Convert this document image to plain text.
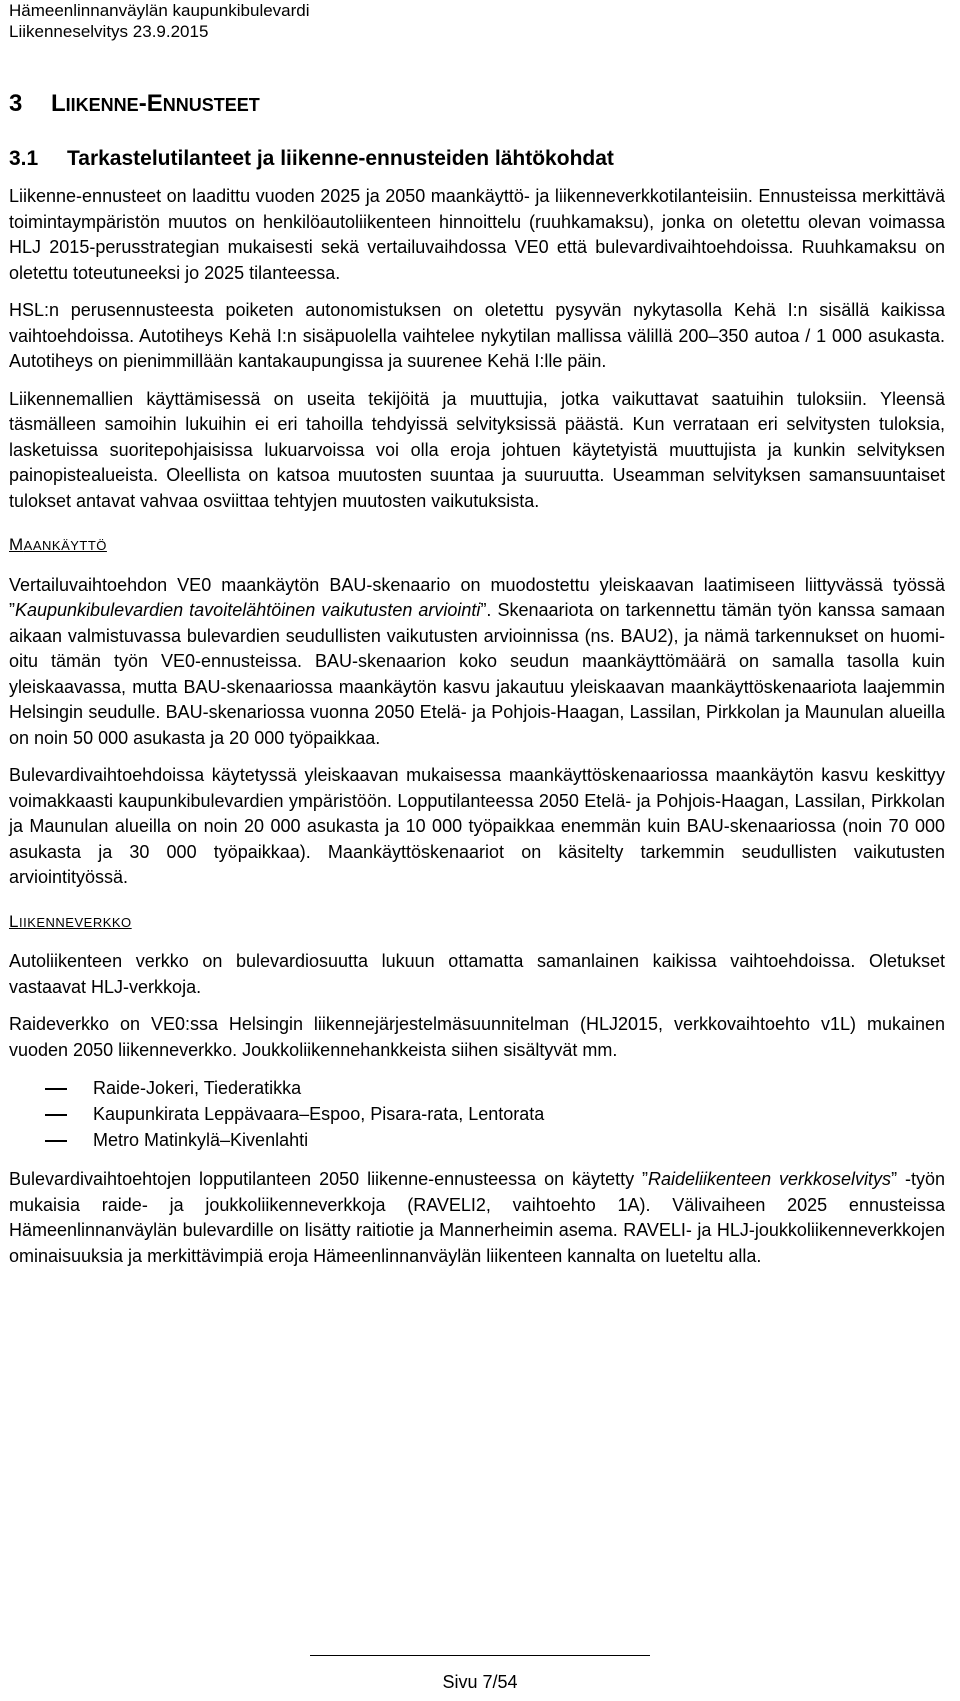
Hämeenlinnanväylän kaupunkibulevardi
Liikenneselvitys 23.9.2015
3 LIIKENNE-ENNUSTEET
3.1 Tarkastelutilanteet ja liikenne-ennusteiden lähtökohdat

Liikenne-ennusteet on laadittu vuoden 2025 ja 2050 maankäyttö- ja liikenneverkkotilanteisiin. Ennusteissa merkittävä toimintaympäristön muutos on henkilöautoliikenteen hinnoittelu (ruuhkamaksu), jonka on oletettu olevan voimassa HLJ 2015-perusstrategian mukaisesti sekä vertailuvaihdossa VE0 että bulevardivaihtoehdoissa. Ruuhkamaksu on oletettu toteutuneeksi jo 2025 tilanteessa.

HSL:n perusennusteesta poiketen autonomistuksen on oletettu pysyvän nykytasolla Kehä I:n sisällä kaikissa vaihtoehdoissa. Autotiheys Kehä I:n sisäpuolella vaihtelee nykytilan mallissa välillä 200–350 autoa / 1 000 asukasta. Autotiheys on pienimmillään kantakaupungissa ja suurenee Kehä I:lle päin.

Liikennemallien käyttämisessä on useita tekijöitä ja muuttujia, jotka vaikuttavat saatuihin tuloksiin. Yleensä täsmälleen samoihin lukuihin ei eri tahoilla tehdyissä selvityksissä päästä. Kun verrataan eri selvitysten tuloksia, lasketuissa suoritepohjaisissa lukuarvoissa voi olla eroja johtuen käytetyistä muuttujista ja kunkin selvityksen painopistealueista. Oleellista on katsoa muutosten suuntaa ja suuruutta. Useamman selvityksen samansuuntaiset tulokset antavat vahvaa osviittaa tehtyjen muutosten vaikutuksista.

MAANKÄYTTÖ

Vertailuvaihtoehdon VE0 maankäytön BAU-skenaario on muodostettu yleiskaavan laatimiseen liittyvässä työssä ”Kaupunkibulevardien tavoitelähtöinen vaikutusten arviointi”. Skenaariota on tarkennettu tämän työn kanssa samaan aikaan valmistuvassa bulevardien seudullisten vaikutusten arvioinnissa (ns. BAU2), ja nämä tarkennukset on huomioitu tämän työn VE0-ennusteissa. BAU-skenaarion koko seudun maankäyttömäärä on samalla tasolla kuin yleiskaavassa, mutta BAU-skenaariossa maankäytön kasvu jakautuu yleiskaavan maankäyttöskenaariota laajemmin Helsingin seudulle. BAU-skenariossa vuonna 2050 Etelä- ja Pohjois-Haagan, Lassilan, Pirkkolan ja Maunulan alueilla on noin 50 000 asukasta ja 20 000 työpaikkaa.

Bulevardivaihtoehdoissa käytetyssä yleiskaavan mukaisessa maankäyttöskenaariossa maankäytön kasvu keskittyy voimakkaasti kaupunkibulevardien ympäristöön. Lopputilanteessa 2050 Etelä- ja Pohjois-Haagan, Lassilan, Pirkkolan ja Maunulan alueilla on noin 20 000 asukasta ja 10 000 työpaikkaa enemmän kuin BAU-skenaariossa (noin 70 000 asukasta ja 30 000 työpaikkaa). Maankäyttöskenaariot on käsitelty tarkemmin seudullisten vaikutusten arviointityössä.

LIIKENNEVERKKO

Autoliikenteen verkko on bulevardiosuutta lukuun ottamatta samanlainen kaikissa vaihtoehdoissa. Oletukset vastaavat HLJ-verkkoja.

Raideverkko on VE0:ssa Helsingin liikennejärjestelmäsuunnitelman (HLJ2015, verkkovaihtoehto v1L) mukainen vuoden 2050 liikenneverkko. Joukkoliikennehankkeista siihen sisältyvät mm.

Raide-Jokeri, Tiederatikka
Kaupunkirata Leppävaara–Espoo, Pisara-rata, Lentorata
Metro Matinkylä–Kivenlahti

Bulevardivaihtoehtojen lopputilanteen 2050 liikenne-ennusteessa on käytetty ”Raideliikenteen verkkoselvitys” -työn mukaisia raide- ja joukkoliikenneverkkoja (RAVELI2, vaihtoehto 1A). Välivaiheen 2025 ennusteissa Hämeenlinnanväylän bulevardille on lisätty raitiotie ja Mannerheimin asema. RAVELI- ja HLJ-joukkoliikenneverkkojen ominaisuuksia ja merkittävimpiä eroja Hämeenlinnanväylän liikenteen kannalta on lueteltu alla.

Sivu 7/54
